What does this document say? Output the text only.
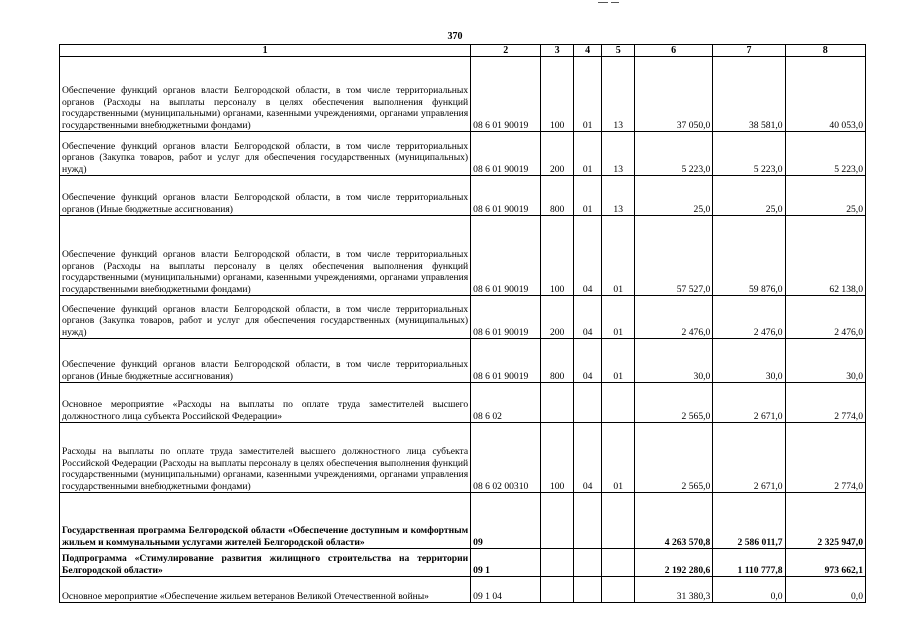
370
1	2	3	4	5	6	7	8
Обеспечение функций органов власти Белгородской области, в том числе территориальных органов (Расходы на выплаты персоналу в целях обеспечения выполнения функций государственными (муниципальными) органами, казенными учреждениями, органами управления государственными внебюджетными фондами)	08 6 01 90019	100	01	13	37 050,0	38 581,0	40 053,0
Обеспечение функций органов власти Белгородской области, в том числе территориальных органов (Закупка товаров, работ и услуг для обеспечения государственных (муниципальных) нужд)	08 6 01 90019	200	01	13	5 223,0	5 223,0	5 223,0
Обеспечение функций органов власти Белгородской области, в том числе территориальных органов (Иные бюджетные ассигнования)	08 6 01 90019	800	01	13	25,0	25,0	25,0
Обеспечение функций органов власти Белгородской области, в том числе территориальных органов (Расходы на выплаты персоналу в целях обеспечения выполнения функций государственными (муниципальными) органами, казенными учреждениями, органами управления государственными внебюджетными фондами)	08 6 01 90019	100	04	01	57 527,0	59 876,0	62 138,0
Обеспечение функций органов власти Белгородской области, в том числе территориальных органов (Закупка товаров, работ и услуг для обеспечения государственных (муниципальных) нужд)	08 6 01 90019	200	04	01	2 476,0	2 476,0	2 476,0
Обеспечение функций органов власти Белгородской области, в том числе территориальных органов (Иные бюджетные ассигнования)	08 6 01 90019	800	04	01	30,0	30,0	30,0
Основное мероприятие «Расходы на выплаты по оплате труда заместителей высшего должностного лица субъекта Российской Федерации»	08 6 02				2 565,0	2 671,0	2 774,0
Расходы на выплаты по оплате труда заместителей высшего должностного лица субъекта Российской Федерации (Расходы на выплаты персоналу в целях обеспечения выполнения функций государственными (муниципальными) органами, казенными учреждениями, органами управления государственными внебюджетными фондами)	08 6 02 00310	100	04	01	2 565,0	2 671,0	2 774,0
Государственная программа Белгородской области «Обеспечение доступным и комфортным жильем и коммунальными услугами жителей Белгородской области»	09				4 263 570,8	2 586 011,7	2 325 947,0
Подпрограмма «Стимулирование развития жилищного строительства на территории Белгородской области»	09 1				2 192 280,6	1 110 777,8	973 662,1
Основное мероприятие «Обеспечение жильем ветеранов Великой Отечественной войны»	09 1 04				31 380,3	0,0	0,0
